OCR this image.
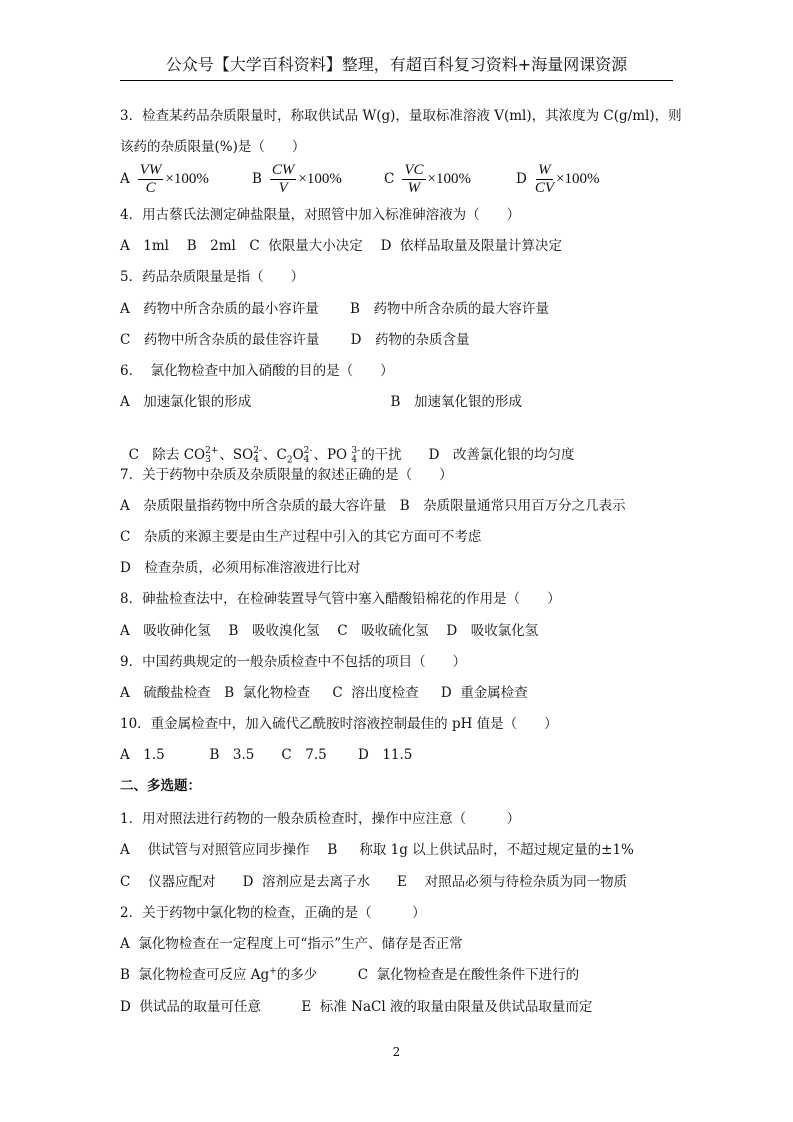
公众号【大学百科资料】整理，有超百科复习资料+海量网课资源
3．检查某药品杂质限量时，称取供试品 W(g)，量取标准溶液 V(ml)，其浓度为 C(g/ml)，则
该药的杂质限量(%)是（　　）
A $\frac{VW}{C} \times 100\%$	B $\frac{CW}{V} \times 100\%$	C $\frac{VC}{W} \times 100\%$	D $\frac{W}{CV} \times 100\%$
4．用古蔡氏法测定砷盐限量，对照管中加入标准砷溶液为（　　）
A　1ml　 B　2ml　C  依限量大小决定　 D  依样品取量及限量计算决定
5．药品杂质限量是指（　　）
A　药物中所含杂质的最小容许量　　 B　药物中所含杂质的最大容许量
C　药物中所含杂质的最佳容许量　　 D　药物的杂质含量
6．  氯化物检查中加入硝酸的目的是（　　）
A　加速氯化银的形成　　　　　　　　　　 B　加速氧化银的形成

C　除去 CO 2+
3 、SO 2-
4 、$C_2O$ 2-
4 、PO 3-
4 的干扰　　D　改善氯化银的均匀度

7．关于药物中杂质及杂质限量的叙述正确的是（　　）
A　杂质限量指药物中所含杂质的最大容许量　B　杂质限量通常只用百万分之几表示
C　杂质的来源主要是由生产过程中引入的其它方面可不考虑
D　检查杂质，必须用标准溶液进行比对
8．砷盐检查法中，在检砷装置导气管中塞入醋酸铅棉花的作用是（　　）
A　吸收砷化氢　 B　吸收溴化氢　 C　吸收硫化氢　 D　吸收氯化氢
9．中国药典规定的一般杂质检查中不包括的项目（　　）
A　硫酸盐检查　B  氯化物检查　  C  溶出度检查　  D  重金属检查
10．重金属检查中，加入硫代乙酰胺时溶液控制最佳的 pH 值是（　　）
A　1.5　　　 B　3.5　　C　7.5　　 D　11.5
二、多选题：
1．用对照法进行药物的一般杂质检查时，操作中应注意（　　　）
A　 供试管与对照管应同步操作　 B　  称取 1g 以上供试品时，不超过规定量的±1%
C　 仪器应配对　　D  溶剂应是去离子水　　E　 对照品必须与待检杂质为同一物质
2．关于药物中氯化物的检查，正确的是（　　　）
A  氯化物检查在一定程度上可“指示”生产、储存是否正常
B  氯化物检查可反应 Ag+的多少　　　C  氯化物检查是在酸性条件下进行的
D  供试品的取量可任意　　　E  标准 NaCl 液的取量由限量及供试品取量而定
2
